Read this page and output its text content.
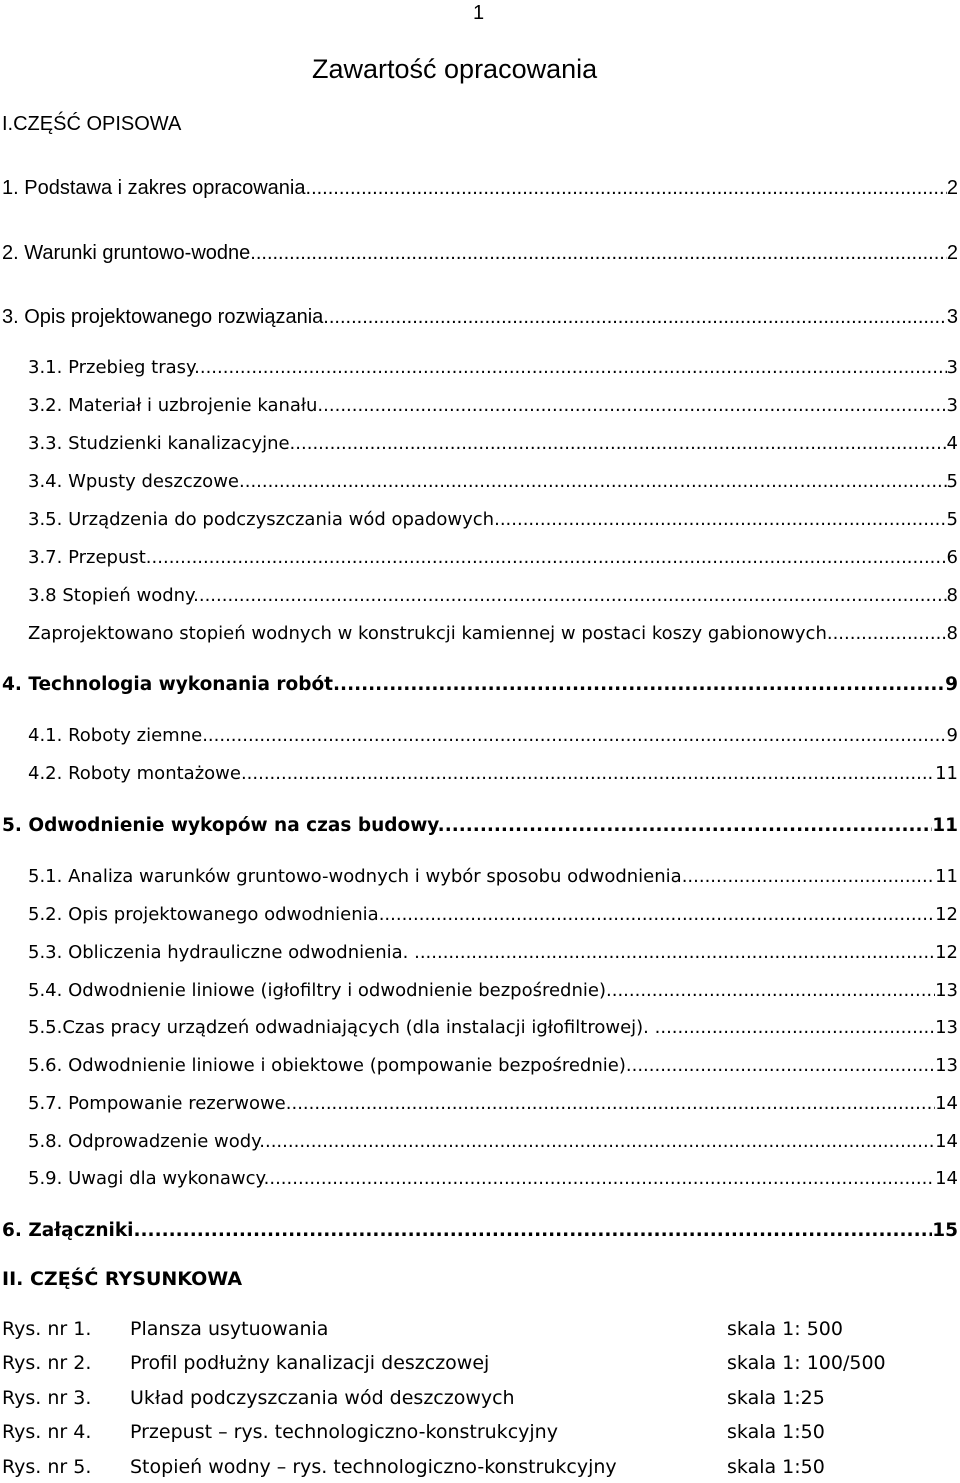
1
Zawartość opracowania
I.CZĘŚĆ OPISOWA
1. Podstawa i zakres opracowania. .....	2
2. Warunki gruntowo-wodne. .....	2
3. Opis projektowanego rozwiązania. .....	3
3.1. Przebieg trasy. .....	3
3.2. Materiał i uzbrojenie kanału. .....	3
3.3. Studzienki kanalizacyjne. .....	4
3.4. Wpusty deszczowe. .....	5
3.5. Urządzenia do podczyszczania wód opadowych. .....	5
3.7. Przepust. .....	6
3.8 Stopień wodny. .....	8
Zaprojektowano stopień wodnych w konstrukcji kamiennej w postaci koszy gabionowych.. .....	8
4. Technologia wykonania robót. .....	9
4.1. Roboty ziemne. .....	9
4.2. Roboty montażowe. .....	11
5. Odwodnienie wykopów na czas budowy. .....	11
5.1. Analiza warunków gruntowo-wodnych i wybór sposobu odwodnienia. .....	11
5.2. Opis projektowanego odwodnienia. .....	12
5.3. Obliczenia hydrauliczne odwodnienia. . .....	12
5.4. Odwodnienie liniowe (igłofiltry i odwodnienie bezpośrednie). .....	13
5.5.Czas pracy urządzeń odwadniających (dla instalacji igłofiltrowej). . .....	13
5.6. Odwodnienie liniowe i obiektowe (pompowanie bezpośrednie). .....	13
5.7. Pompowanie rezerwowe. .....	14
5.8. Odprowadzenie wody. .....	14
5.9. Uwagi dla wykonawcy. .....	14
6. Załączniki. .....	15
II. CZĘŚĆ RYSUNKOWA
Rys. nr 1. Plansza usytuowania	skala 1: 500
Rys. nr 2. Profil podłużny kanalizacji deszczowej	skala 1: 100/500
Rys. nr 3. Układ podczyszczania wód deszczowych	skala 1:25
Rys. nr 4. Przepust – rys. technologiczno-konstrukcyjny	skala 1:50
Rys. nr 5. Stopień wodny – rys. technologiczno-konstrukcyjny	skala 1:50
